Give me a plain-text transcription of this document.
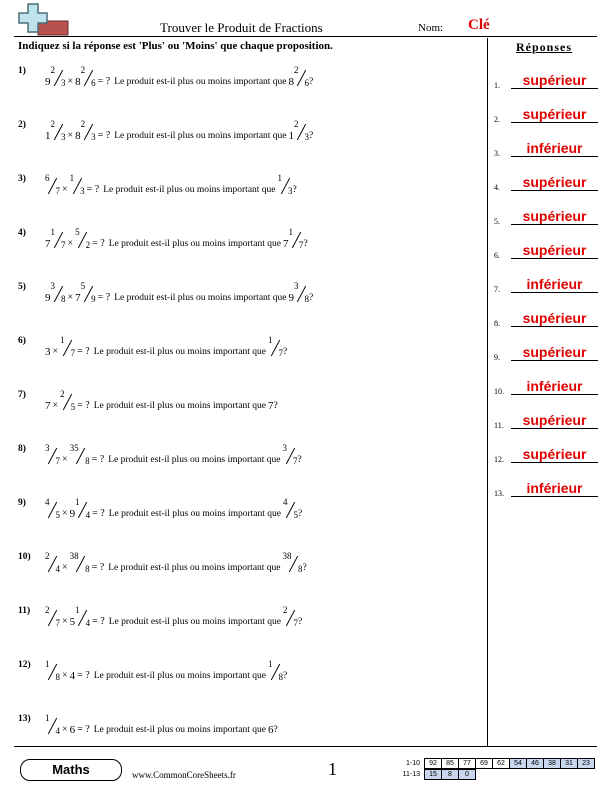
Trouver le Produit de Fractions	Nom: Clé
Indiquez si la réponse est 'Plus' ou 'Moins' que chaque proposition.	Réponses
1.	supérieur
2.	supérieur
3.	inférieur
4.	supérieur
5.	supérieur
6.	supérieur
7.	inférieur
8.	supérieur
9.	supérieur
10.	inférieur
11.	supérieur
12.	supérieur
13.	inférieur
1)
9
2
3 × 8
2
6 = ? Le produit est-il plus ou moins important que 8
2
6 ?
2)
1
2
3 × 8
2
3 = ? Le produit est-il plus ou moins important que 1
2
3 ?
3) 6
7 ×
1
3 = ? Le produit est-il plus ou moins important que
1
3 ?
4)
7
1
7 ×
5
2 = ? Le produit est-il plus ou moins important que 7
1
7 ?
5)
9
3
8 × 7
5
9 = ? Le produit est-il plus ou moins important que 9
3
8 ?
6)
3 ×
1
7 = ? Le produit est-il plus ou moins important que
1
7 ?
7)
7 ×
2
5 = ? Le produit est-il plus ou moins important que 7 ?
8) 3
7 ×
35
8 = ? Le produit est-il plus ou moins important que
3
7 ?
9) 4
5 × 9
1
4 = ? Le produit est-il plus ou moins important que
4
5 ?
10) 2
4 ×
38
8 = ? Le produit est-il plus ou moins important que
38
8 ?
11) 2
7 × 5
1
4 = ? Le produit est-il plus ou moins important que
2
7 ?
12) 1
8 × 4 = ? Le produit est-il plus ou moins important que
1
8 ?
13) 1
4 × 6 = ? Le produit est-il plus ou moins important que 6 ?
Maths	www.CommonCoreSheets.fr	1	1-10	92	85	77	69	62	54	46	38	31	23
11-13	15	8	0
